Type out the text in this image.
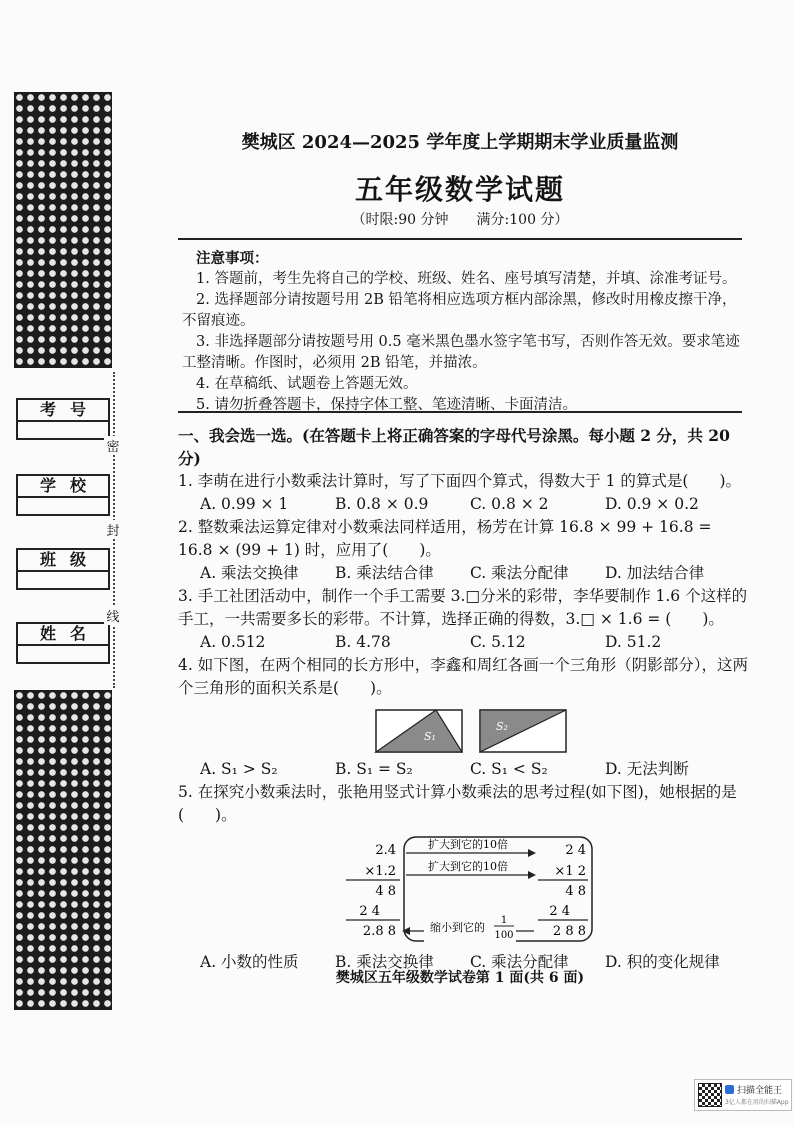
考号
学校
班级
姓名
密
封
线
樊城区 2024—2025 学年度上学期期末学业质量监测
五年级数学试题
（时限:90 分钟　　满分:100 分）
注意事项：
1. 答题前，考生先将自己的学校、班级、姓名、座号填写清楚，并填、涂准考证号。
2. 选择题部分请按题号用 2B 铅笔将相应选项方框内部涂黑，修改时用橡皮擦干净，不留痕迹。
3. 非选择题部分请按题号用 0.5 毫米黑色墨水签字笔书写，否则作答无效。要求笔迹工整清晰。作图时，必须用 2B 铅笔，并描浓。
4. 在草稿纸、试题卷上答题无效。
5. 请勿折叠答题卡，保持字体工整、笔迹清晰、卡面清洁。

一、我会选一选。(在答题卡上将正确答案的字母代号涂黑。每小题 2 分，共 20 分)

1. 李萌在进行小数乘法计算时，写了下面四个算式，得数大于 1 的算式是(　　)。

A. 0.99 × 1	B. 0.8 × 0.9	C. 0.8 × 2	D. 0.9 × 0.2

2. 整数乘法运算定律对小数乘法同样适用，杨芳在计算 16.8 × 99 + 16.8 = 16.8 × (99 + 1) 时，应用了(　　)。

A. 乘法交换律	B. 乘法结合律	C. 乘法分配律	D. 加法结合律

3. 手工社团活动中，制作一个手工需要 3.□分米的彩带，李华要制作 1.6 个这样的手工，一共需要多长的彩带。不计算，选择正确的得数，3.□ × 1.6 = (　　)。

A. 0.512	B. 4.78	C. 5.12	D. 51.2

4. 如下图，在两个相同的长方形中，李鑫和周红各画一个三角形（阴影部分），这两个三角形的面积关系是(　　)。

S₁
S₂
A. S₁ > S₂	B. S₁ = S₂	C. S₁ < S₂	D. 无法判断

5. 在探究小数乘法时，张艳用竖式计算小数乘法的思考过程(如下图)，她根据的是(　　)。

2.4
×1.2
4 8
2 4
2.8 8
扩大到它的10倍
扩大到它的10倍
缩小到它的
1
100
2 4
×1 2
4 8
2 4
2 8 8
A. 小数的性质	B. 乘法交换律	C. 乘法分配律	D. 积的变化规律
樊城区五年级数学试卷第 1 面(共 6 面)
扫描全能王
3亿人都在用的扫描App
